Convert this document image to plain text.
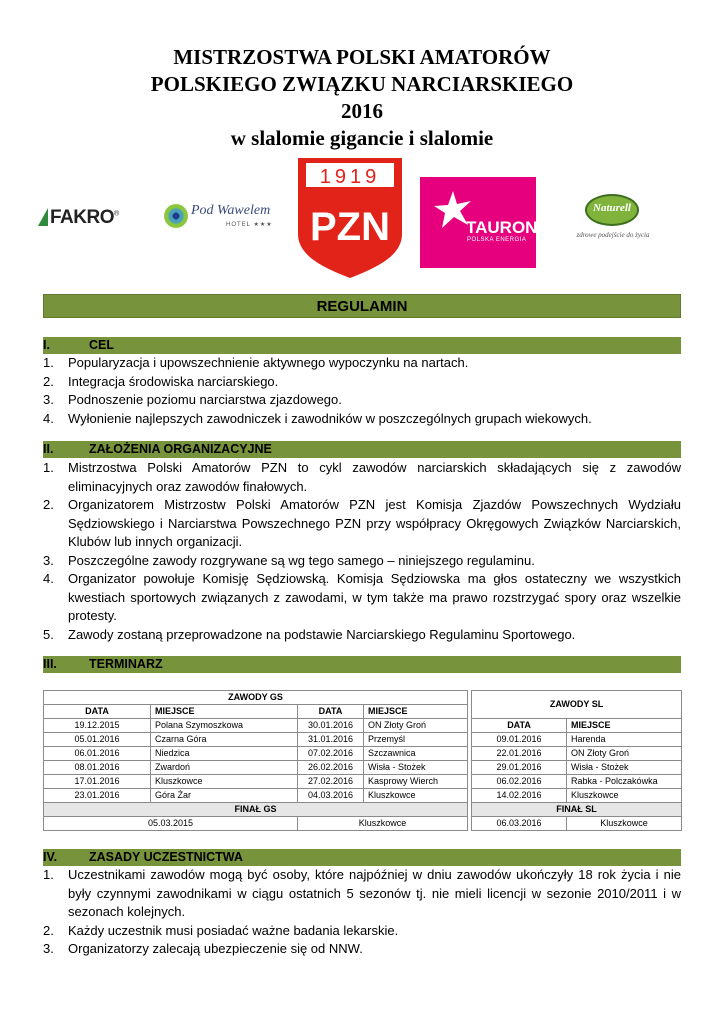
MISTRZOSTWA POLSKI AMATORÓW
POLSKIEGO ZWIĄZKU NARCIARSKIEGO
2016
w slalomie gigancie i slalomie
FAKRO®	Pod Wawelem
HOTEL ★★★
1919
PZN	TAURON
POLSKA ENERGIA
Naturell
zdrowe podejście do życia
REGULAMIN
I.	CEL
1. Popularyzacja i upowszechnienie aktywnego wypoczynku na nartach.
2. Integracja środowiska narciarskiego.
3. Podnoszenie poziomu narciarstwa zjazdowego.
4. Wyłonienie najlepszych zawodniczek i zawodników w poszczególnych grupach wiekowych.
II.	ZAŁOŻENIA ORGANIZACYJNE
1. Mistrzostwa Polski Amatorów PZN to cykl zawodów narciarskich składających się z zawodów eliminacyjnych oraz zawodów finałowych.
2. Organizatorem Mistrzostw Polski Amatorów PZN jest Komisja Zjazdów Powszechnych Wydziału Sędziowskiego i Narciarstwa Powszechnego PZN przy współpracy Okręgowych Związków Narciarskich, Klubów lub innych organizacji.
3. Poszczególne zawody rozgrywane są wg tego samego – niniejszego regulaminu.
4. Organizator powołuje Komisję Sędziowską. Komisja Sędziowska ma głos ostateczny we wszystkich kwestiach sportowych związanych z zawodami, w tym także ma prawo rozstrzygać spory oraz wszelkie protesty.
5. Zawody zostaną przeprowadzone na podstawie Narciarskiego Regulaminu Sportowego.
III.	TERMINARZ
ZAWODY GS					ZAWODY SL	
DATA	MIEJSCE	DATA	MIEJSCE			
19.12.2015	Polana Szymoszkowa	30.01.2016	ON Złoty Groń		DATA	MIEJSCE
05.01.2016	Czarna Góra	31.01.2016	Przemyśl		09.01.2016	Harenda
06.01.2016	Niedzica	07.02.2016	Szczawnica		22.01.2016	ON Złoty Groń
08.01.2016	Zwardoń	26.02.2016	Wisła - Stożek		29.01.2016	Wisła - Stożek
17.01.2016	Kluszkowce	27.02.2016	Kasprowy Wierch		06.02.2016	Rabka - Polczakówka
23.01.2016	Góra Żar	04.03.2016	Kluszkowce		14.02.2016	Kluszkowce
FINAŁ GS					FINAŁ SL	
05.03.2015		Kluszkowce			06.03.2016	Kluszkowce
IV.	ZASADY UCZESTNICTWA
1. Uczestnikami zawodów mogą być osoby, które najpóźniej w dniu zawodów ukończyły 18 rok życia i nie były czynnymi zawodnikami w ciągu ostatnich 5 sezonów tj. nie mieli licencji w sezonie 2010/2011 i w sezonach kolejnych.
2. Każdy uczestnik musi posiadać ważne badania lekarskie.
3. Organizatorzy zalecają ubezpieczenie się od NNW.
